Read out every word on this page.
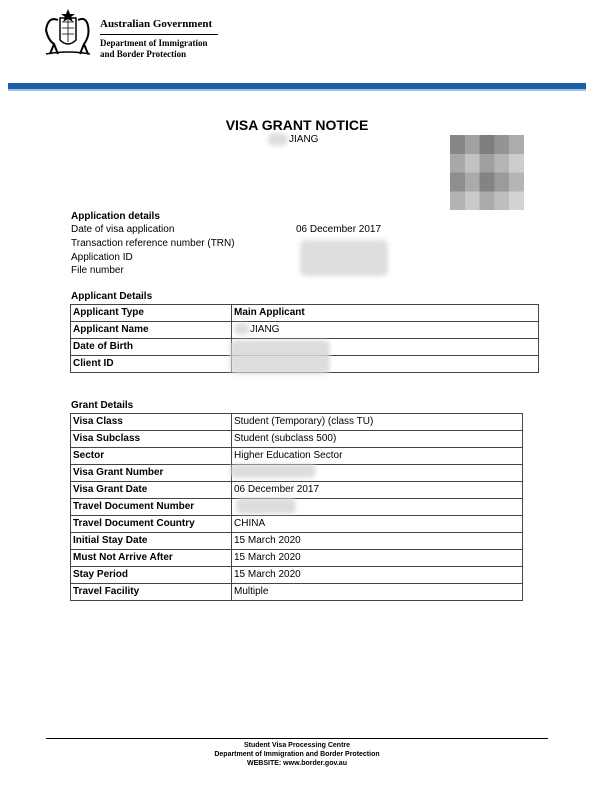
Australian Government
Department of Immigration
and Border Protection
VISA GRANT NOTICE
JIANG
Application details
Date of visa application	06 December 2017
Transaction reference number (TRN)
Application ID
File number
Applicant Details
Applicant Type	Main Applicant
Applicant Name	JIANG
Date of Birth	
Client ID	
Grant Details
Visa Class	Student (Temporary) (class TU)
Visa Subclass	Student (subclass 500)
Sector	Higher Education Sector
Visa Grant Number	
Visa Grant Date	06 December 2017
Travel Document Number	
Travel Document Country	CHINA
Initial Stay Date	15 March 2020
Must Not Arrive After	15 March 2020
Stay Period	15 March 2020
Travel Facility	Multiple
Student Visa Processing Centre
Department of Immigration and Border Protection
WEBSITE: www.border.gov.au
